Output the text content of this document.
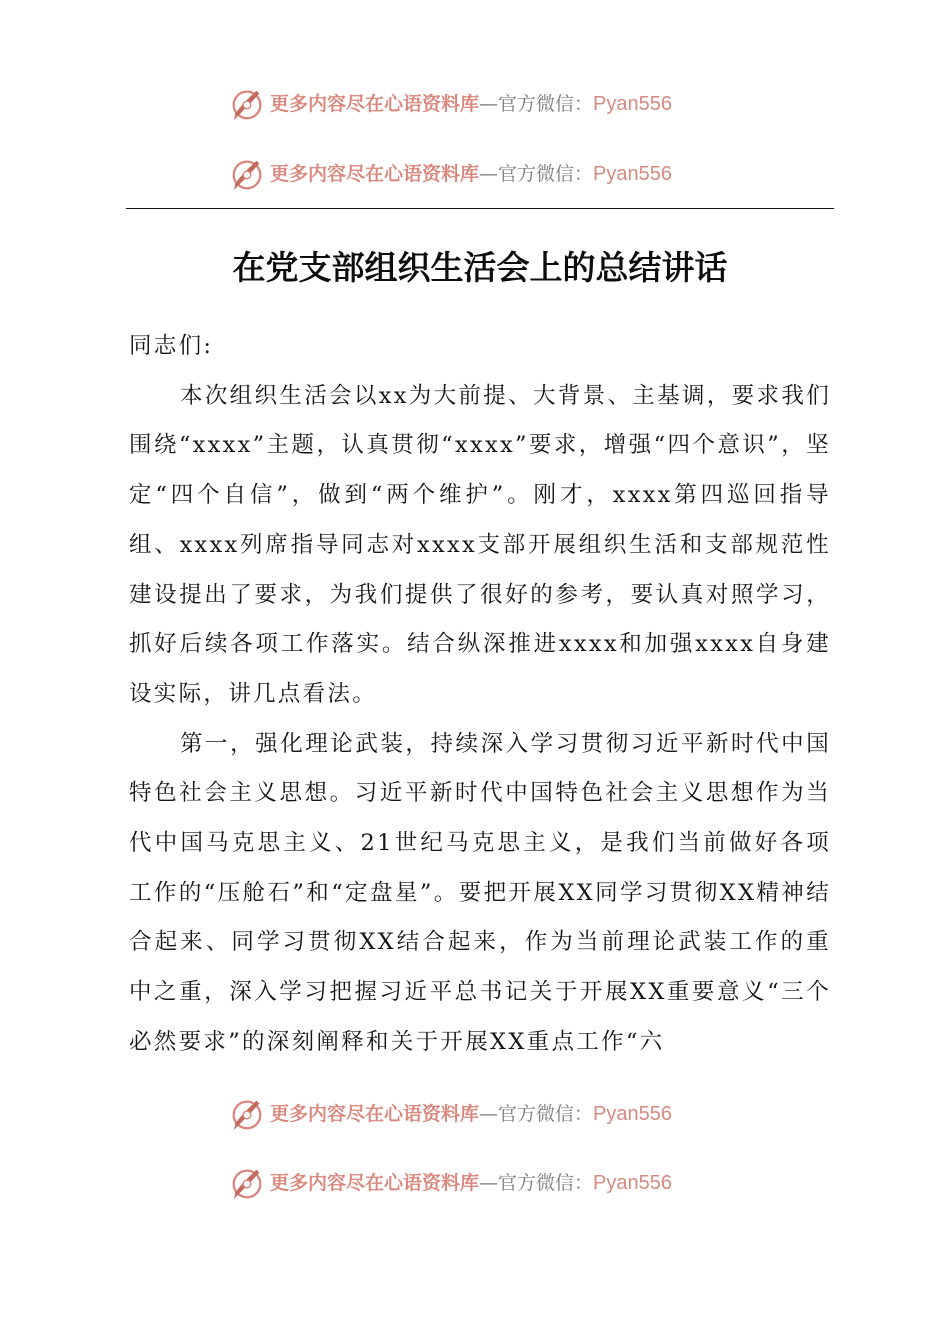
更多内容尽在心语资料库—官方微信：Pyan556
更多内容尽在心语资料库—官方微信：Pyan556
在党支部组织生活会上的总结讲话

同志们:

本次组织生活会以xx为大前提、大背景、主基调，要求我们围绕“xxxx”主题，认真贯彻“xxxx”要求，增强“四个意识”，坚定“四个自信”，做到“两个维护”。刚才，xxxx第四巡回指导组、xxxx列席指导同志对xxxx支部开展组织生活和支部规范性建设提出了要求，为我们提供了很好的参考，要认真对照学习，抓好后续各项工作落实。结合纵深推进xxxx和加强xxxx自身建设实际，讲几点看法。

第一，强化理论武装，持续深入学习贯彻习近平新时代中国特色社会主义思想。习近平新时代中国特色社会主义思想作为当代中国马克思主义、21世纪马克思主义，是我们当前做好各项工作的“压舱石”和“定盘星”。要把开展XX同学习贯彻XX精神结合起来、同学习贯彻XX结合起来，作为当前理论武装工作的重中之重，深入学习把握习近平总书记关于开展XX重要意义“三个必然要求”的深刻阐释和关于开展XX重点工作“六

更多内容尽在心语资料库—官方微信：Pyan556
更多内容尽在心语资料库—官方微信：Pyan556
